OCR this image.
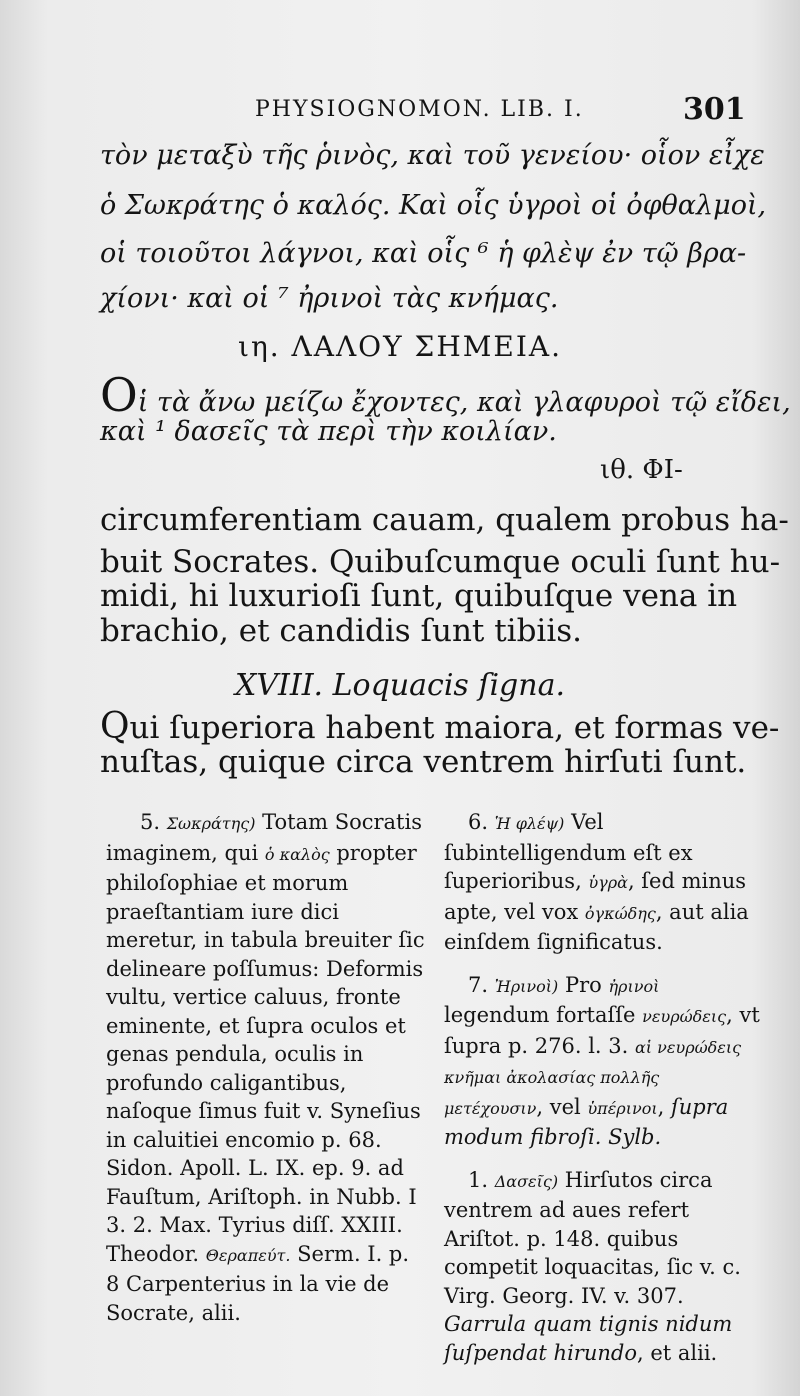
PHYSIOGNOMON. LIB. I.	301
τὸν μεταξὺ τῆς ῥινὸς, καὶ τοῦ γενείου· οἷον εἶχε
ὁ Σωκράτης ὁ καλός. Καὶ οἷς ὑγροὶ οἱ ὀφθαλμοὶ,
οἱ τοιοῦτοι λάγνοι, καὶ οἷς ⁶ ἡ φλὲψ ἐν τῷ βρα-
χίονι· καὶ οἱ ⁷ ἠρινοὶ τὰς κνήμας.
ιη. ΛΑΛΟΥ ΣΗΜΕΙΑ.
Οἱ τὰ ἄνω μείζω ἔχοντες, καὶ γλαφυροὶ τῷ εἴδει,
καὶ ¹ δασεῖς τὰ περὶ τὴν κοιλίαν.
ιθ. ΦΙ-
circumferentiam cauam, qualem probus ha-
buit Socrates. Quibuſcumque oculi ſunt hu-
midi, hi luxurioſi ſunt, quibuſque vena in
brachio, et candidis ſunt tibiis.
XVIII. Loquacis ſigna.
Qui ſuperiora habent maiora, et formas ve-
nuſtas, quique circa ventrem hirſuti ſunt.

5. Σωκράτης) Totam Socratis imaginem, qui ὁ καλὸς propter philoſophiae et morum praeſtantiam iure dici meretur, in tabula breuiter ſic delineare poſſumus: Deformis vultu, vertice caluus, fronte eminente, et ſupra oculos et genas pendula, oculis in profundo caligantibus, naſoque ſimus fuit v. Syneſius in caluitiei encomio p. 68. Sidon. Apoll. L. IX. ep. 9. ad Fauſtum, Ariſtoph. in Nubb. I 3. 2. Max. Tyrius diſſ. XXIII. Theodor. Θεραπεύτ. Serm. I. p. 8 Carpenterius in la vie de Socrate, alii.

6. Ἡ φλέψ) Vel ſubintelligendum eſt ex ſuperioribus, ὑγρὰ, ſed minus apte, vel vox ὀγκώδης, aut alia einſdem ſignificatus.

7. Ἠρινοὶ) Pro ἠρινοὶ legendum fortaſſe νευρώδεις, vt ſupra p. 276. l. 3. αἱ νευρώδεις κνῆμαι ἀκολασίας πολλῆς μετέχουσιν, vel ὑπέρινοι, ſupra modum fibroſi. Sylb.

1. Δασεῖς) Hirſutos circa ventrem ad aues refert Ariſtot. p. 148. quibus competit loquacitas, ſic v. c. Virg. Georg. IV. v. 307. Garrula quam tignis nidum ſuſpendat hirundo, et alii.
